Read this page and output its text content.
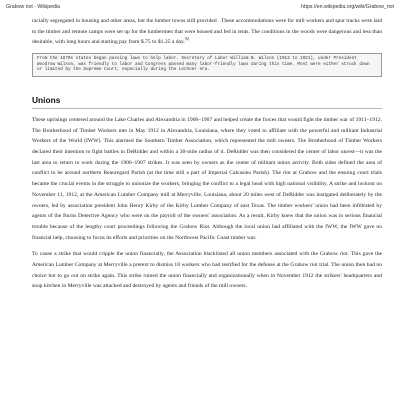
Grabow riot - Wikipedia	https://en.wikipedia.org/wiki/Grabow_riot

racially segregated in housing and other areas, but the lumber towns still provided . These accommodations were for mill workers and spur tracks were laid to the timber and remote camps were set up for the lumbermen that were housed and fed in tents. The conditions in the woods were dangerous and less than desirable, with long hours and starting pay from $.75 to $1.25 a day.[6]

From the 1870s states began passing laws to help labor. Secretary of Labor William B. Wilson (1913 to 1921), under President Woodrow Wilson, was friendly to labor and Congress passed many labor-friendly laws during this time. Most were either struck down or limited by the Supreme Court, especially during the Lochner era.
Unions

These uprisings centered around the Lake Charles and Alexandria in 1906–1907 and helped create the forces that would fight the timber war of 1911–1912. The Brotherhood of Timber Workers met in May 1912 in Alexandria, Louisiana, where they voted to affiliate with the powerful and militant Industrial Workers of the World (IWW). This alarmed the Southern Timber Association, which represented the mill owners. The Brotherhood of Timber Workers declared their intention to fight battles in DeRidder and within a 30-mile radius of it. DeRidder was then considered the center of labor unrest—it was the last area to return to work during the 1906–1907 strikes. It was seen by owners as the center of militant union activity. Both sides defined the area of conflict to be around northern Beauregard Parish (at the time still a part of Imperial Calcasieu Parish). The riot at Grabow and the ensuing court trials became the crucial events in the struggle to unionize the workers, bringing the conflict to a legal head with high national visibility. A strike and lockout on November 11, 1912, at the American Lumber Company mill at Merryville, Louisiana, about 20 miles west of DeRidder was instigated deliberately by the owners, led by association president John Henry Kirby of the Kirby Lumber Company of east Texas. The timber workers' union had been infiltrated by agents of the Burns Detective Agency who were on the payroll of the owners' association. As a result, Kirby knew that the union was in serious financial trouble because of the lengthy court proceedings following the Grabow Riot. Although the local union had affiliated with the IWW, the IWW gave no financial help, choosing to focus its efforts and priorities on the Northwest Pacific Coast timber war.

To cause a strike that would cripple the union financially, the Association blacklisted all union members associated with the Grabow riot. This gave the American Lumber Company at Merryville a pretext to dismiss 18 workers who had testified for the defense at the Grabow riot trial. The union then had no choice but to go out on strike again. This strike ruined the union financially and organizationally when in November 1912 the strikers' headquarters and soup kitchen in Merryville was attacked and destroyed by agents and friends of the mill owners.
